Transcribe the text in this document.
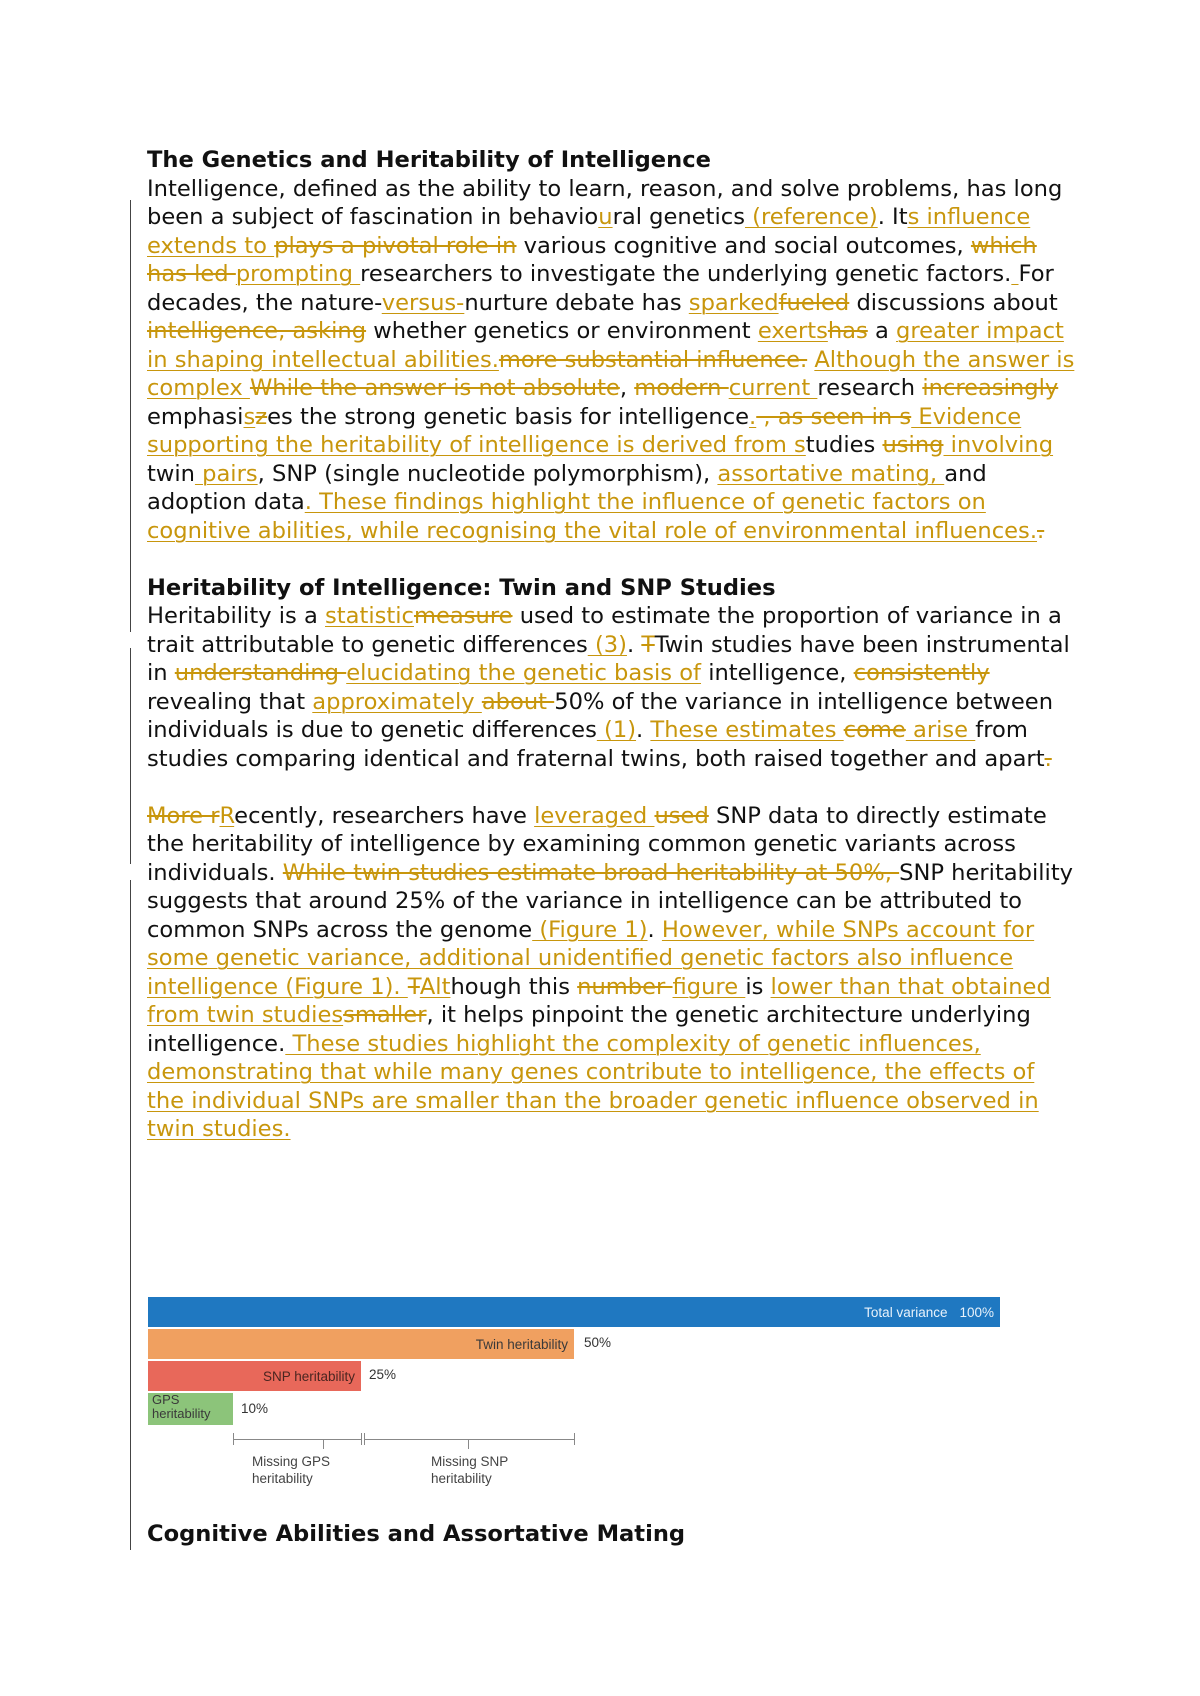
The Genetics and Heritability of Intelligence
Intelligence, defined as the ability to learn, reason, and solve problems, has long been a subject of fascination in behavioural genetics (reference). Its influence extends to plays a pivotal role in various cognitive and social outcomes, which has led prompting researchers to investigate the underlying genetic factors. For decades, the nature-versus-nurture debate has sparkedfueled discussions about intelligence, asking whether genetics or environment exertshas a greater impact in shaping intellectual abilities.more substantial influence. Although the answer is complex While the answer is not absolute, modern current research increasingly emphasiszes the strong genetic basis for intelligence. , as seen in s Evidence supporting the heritability of intelligence is derived from studies using involving twin pairs, SNP (single nucleotide polymorphism), assortative mating, and adoption data. These findings highlight the influence of genetic factors on cognitive abilities, while recognising the vital role of environmental influences..
Heritability of Intelligence: Twin and SNP Studies
Heritability is a statisticmeasure used to estimate the proportion of variance in a trait attributable to genetic differences (3). TTwin studies have been instrumental in understanding elucidating the genetic basis of intelligence, consistently revealing that approximately about 50% of the variance in intelligence between individuals is due to genetic differences (1). These estimates come arise from studies comparing identical and fraternal twins, both raised together and apart.
More rRecently, researchers have leveraged used SNP data to directly estimate the heritability of intelligence by examining common genetic variants across individuals. While twin studies estimate broad heritability at 50%, SNP heritability suggests that around 25% of the variance in intelligence can be attributed to common SNPs across the genome (Figure 1). However, while SNPs account for some genetic variance, additional unidentified genetic factors also influence intelligence (Figure 1). TAlthough this number figure is lower than that obtained from twin studiessmaller, it helps pinpoint the genetic architecture underlying intelligence. These studies highlight the complexity of genetic influences, demonstrating that while many genes contribute to intelligence, the effects of the individual SNPs are smaller than the broader genetic influence observed in twin studies.
Total variance 100%
Twin heritability 50%
SNP heritability 25%
GPS heritability	10%
Missing GPS heritability
Missing SNP heritability
Cognitive Abilities and Assortative Mating
